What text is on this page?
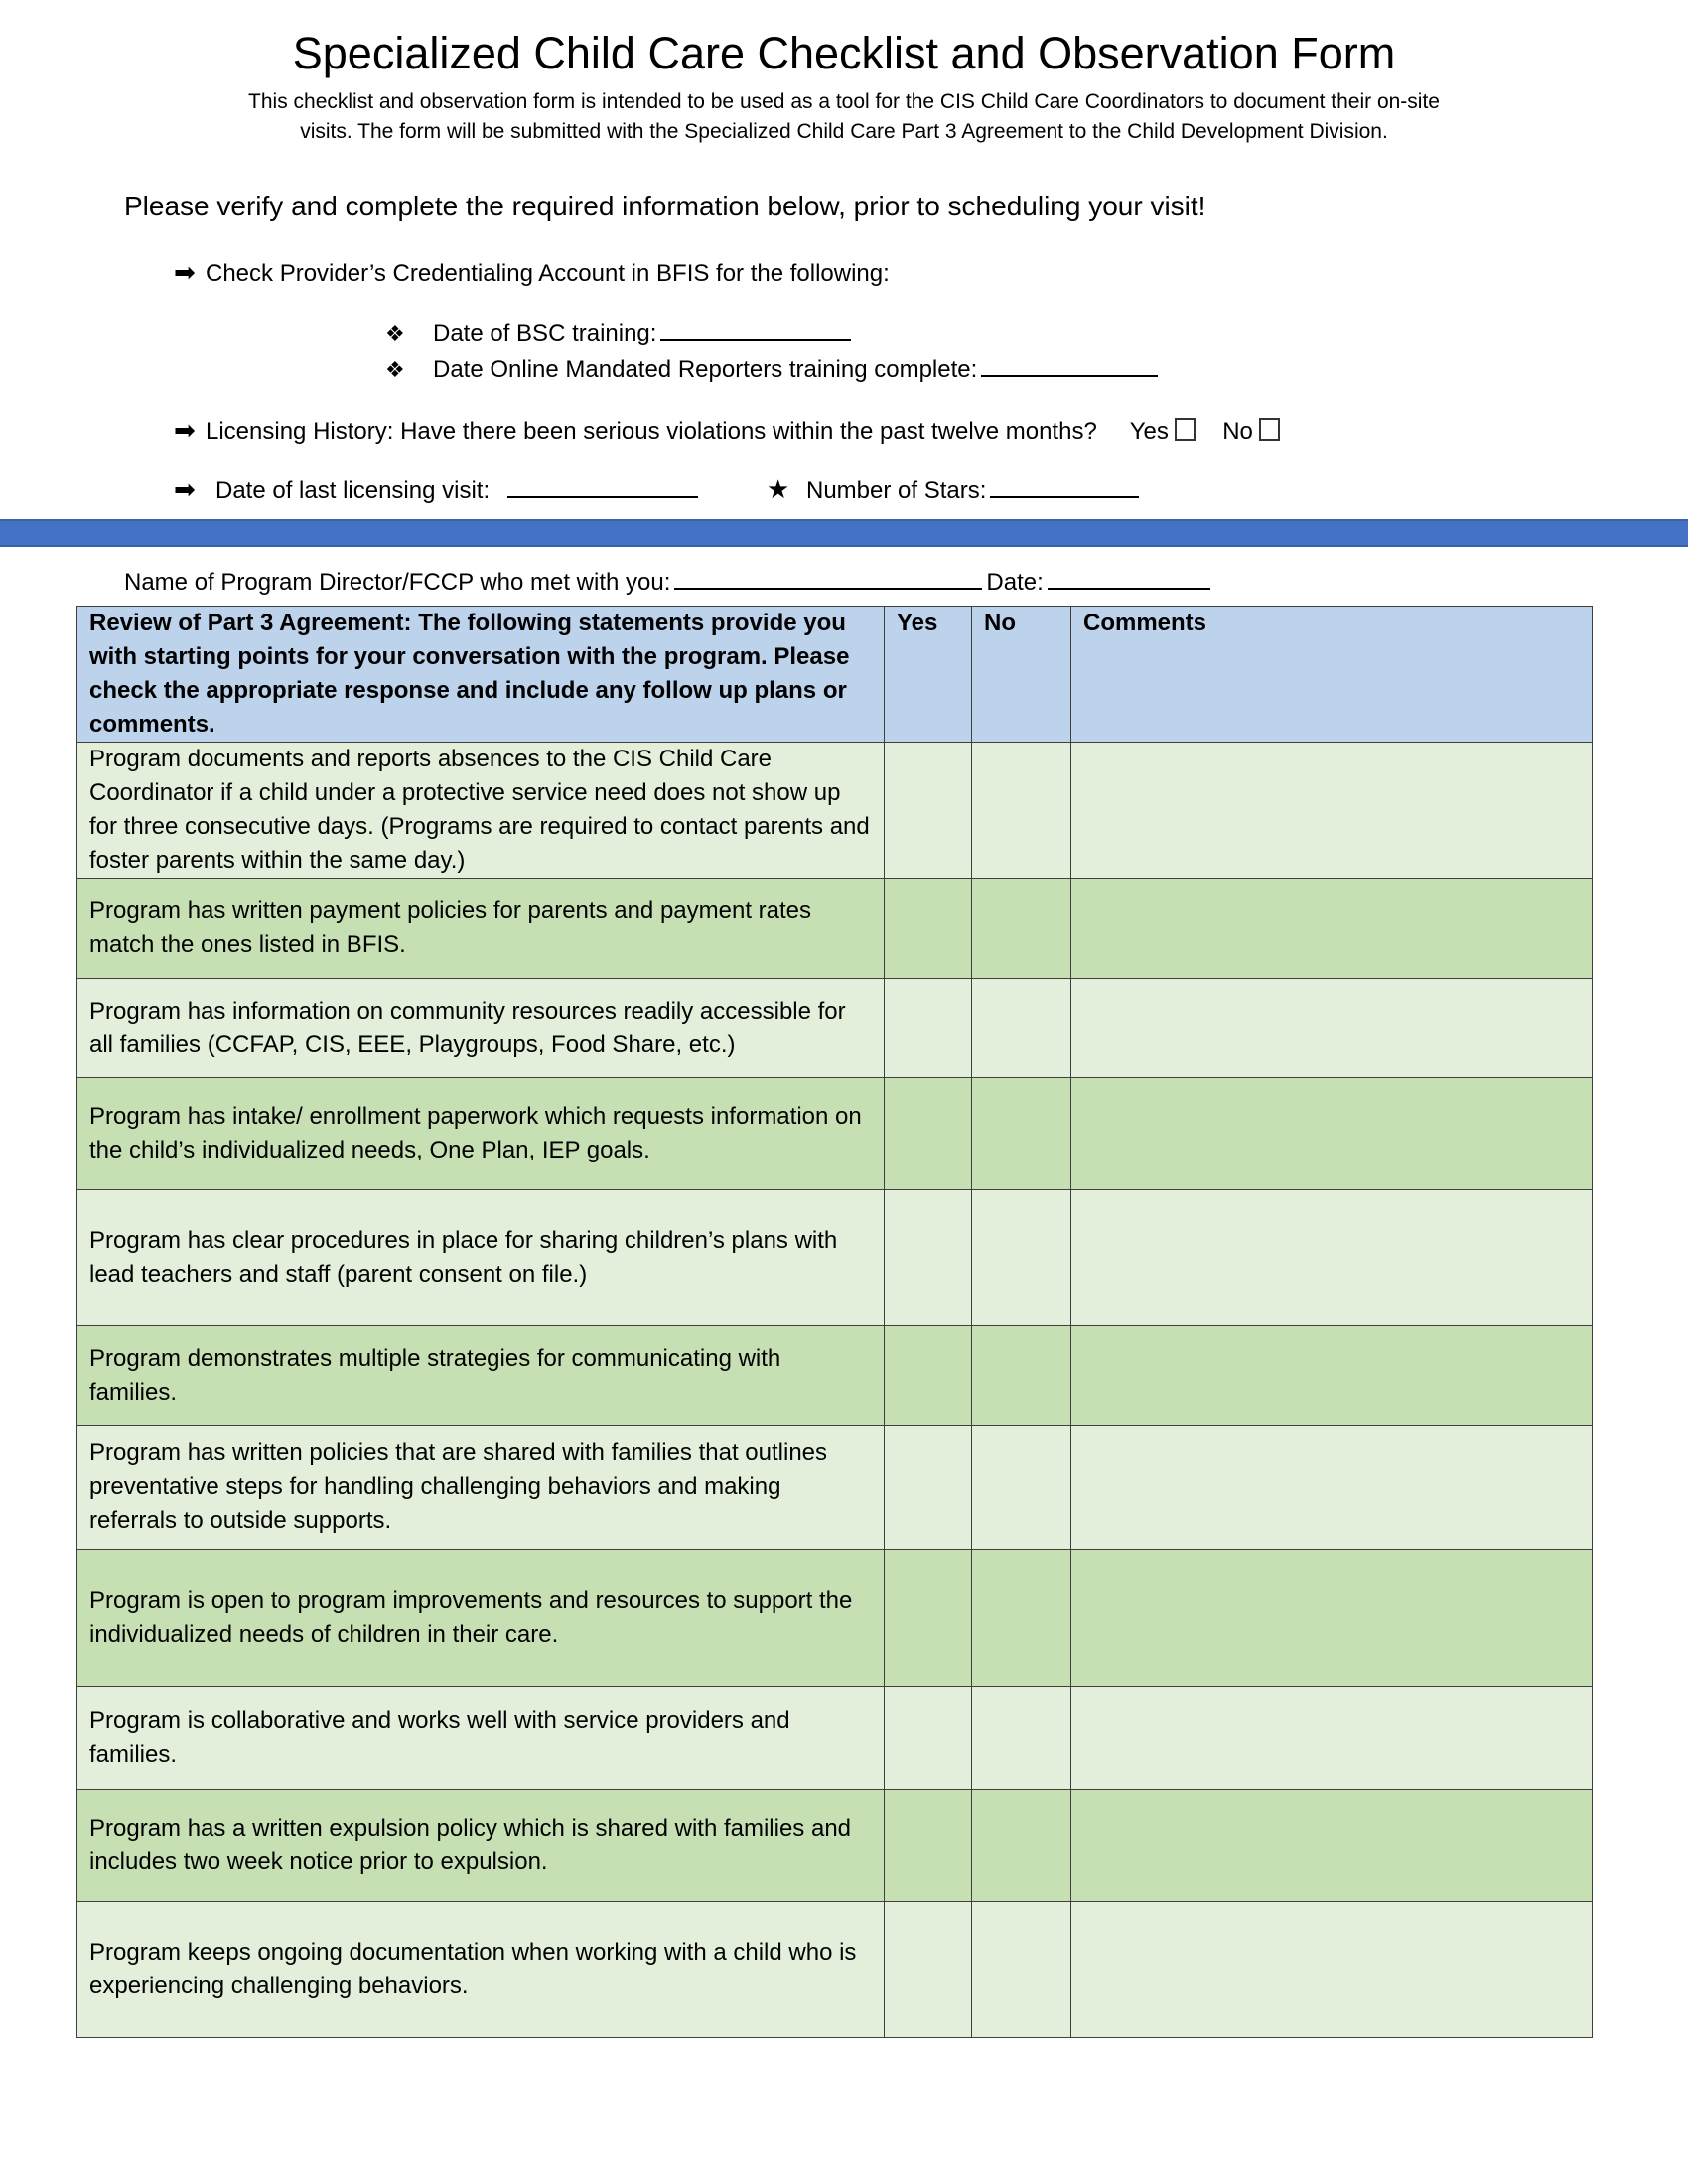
Specialized Child Care Checklist and Observation Form
This checklist and observation form is intended to be used as a tool for the CIS Child Care Coordinators to document their on-site
visits. The form will be submitted with the Specialized Child Care Part 3 Agreement to the Child Development Division.
Please verify and complete the required information below, prior to scheduling your visit!
➡ Check Provider’s Credentialing Account in BFIS for the following:
❖ Date of BSC training:
❖ Date Online Mandated Reporters training complete:
➡ Licensing History: Have there been serious violations within the past twelve months? Yes No
➡ Date of last licensing visit:	★ Number of Stars:
Name of Program Director/FCCP who met with you:	Date:
Review of Part 3 Agreement: The following statements provide you with starting points for your conversation with the program. Please check the appropriate response and include any follow up plans or comments.	Yes	No	Comments
Program documents and reports absences to the CIS Child Care Coordinator if a child under a protective service need does not show up for three consecutive days. (Programs are required to contact parents and foster parents within the same day.)			
Program has written payment policies for parents and payment rates match the ones listed in BFIS.			
Program has information on community resources readily accessible for all families (CCFAP, CIS, EEE, Playgroups, Food Share, etc.)			
Program has intake/ enrollment paperwork which requests information on the child’s individualized needs, One Plan, IEP goals.			
Program has clear procedures in place for sharing children’s plans with lead teachers and staff (parent consent on file.)			
Program demonstrates multiple strategies for communicating with families.			
Program has written policies that are shared with families that outlines preventative steps for handling challenging behaviors and making referrals to outside supports.			
Program is open to program improvements and resources to support the individualized needs of children in their care.			
Program is collaborative and works well with service providers and families.			
Program has a written expulsion policy which is shared with families and includes two week notice prior to expulsion.			
Program keeps ongoing documentation when working with a child who is experiencing challenging behaviors.			
